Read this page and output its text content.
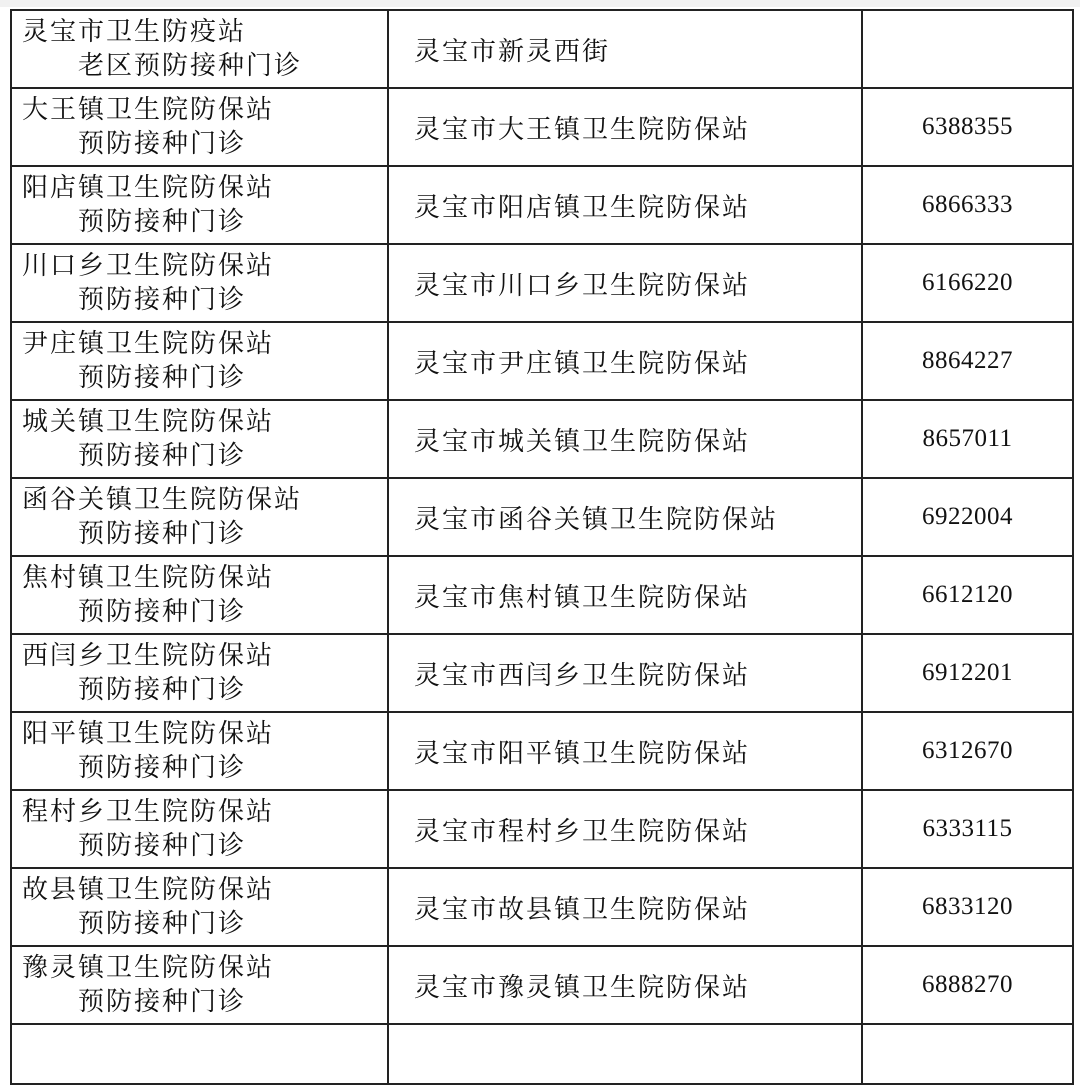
灵宝市卫生防疫站
老区预防接种门诊	灵宝市新灵西街	

大王镇卫生院防保站
预防接种门诊	灵宝市大王镇卫生院防保站	6388355

阳店镇卫生院防保站
预防接种门诊	灵宝市阳店镇卫生院防保站	6866333

川口乡卫生院防保站
预防接种门诊	灵宝市川口乡卫生院防保站	6166220

尹庄镇卫生院防保站
预防接种门诊	灵宝市尹庄镇卫生院防保站	8864227

城关镇卫生院防保站
预防接种门诊	灵宝市城关镇卫生院防保站	8657011

函谷关镇卫生院防保站
预防接种门诊	灵宝市函谷关镇卫生院防保站	6922004

焦村镇卫生院防保站
预防接种门诊	灵宝市焦村镇卫生院防保站	6612120

西闫乡卫生院防保站
预防接种门诊	灵宝市西闫乡卫生院防保站	6912201

阳平镇卫生院防保站
预防接种门诊	灵宝市阳平镇卫生院防保站	6312670

程村乡卫生院防保站
预防接种门诊	灵宝市程村乡卫生院防保站	6333115

故县镇卫生院防保站
预防接种门诊	灵宝市故县镇卫生院防保站	6833120

豫灵镇卫生院防保站
预防接种门诊	灵宝市豫灵镇卫生院防保站	6888270
